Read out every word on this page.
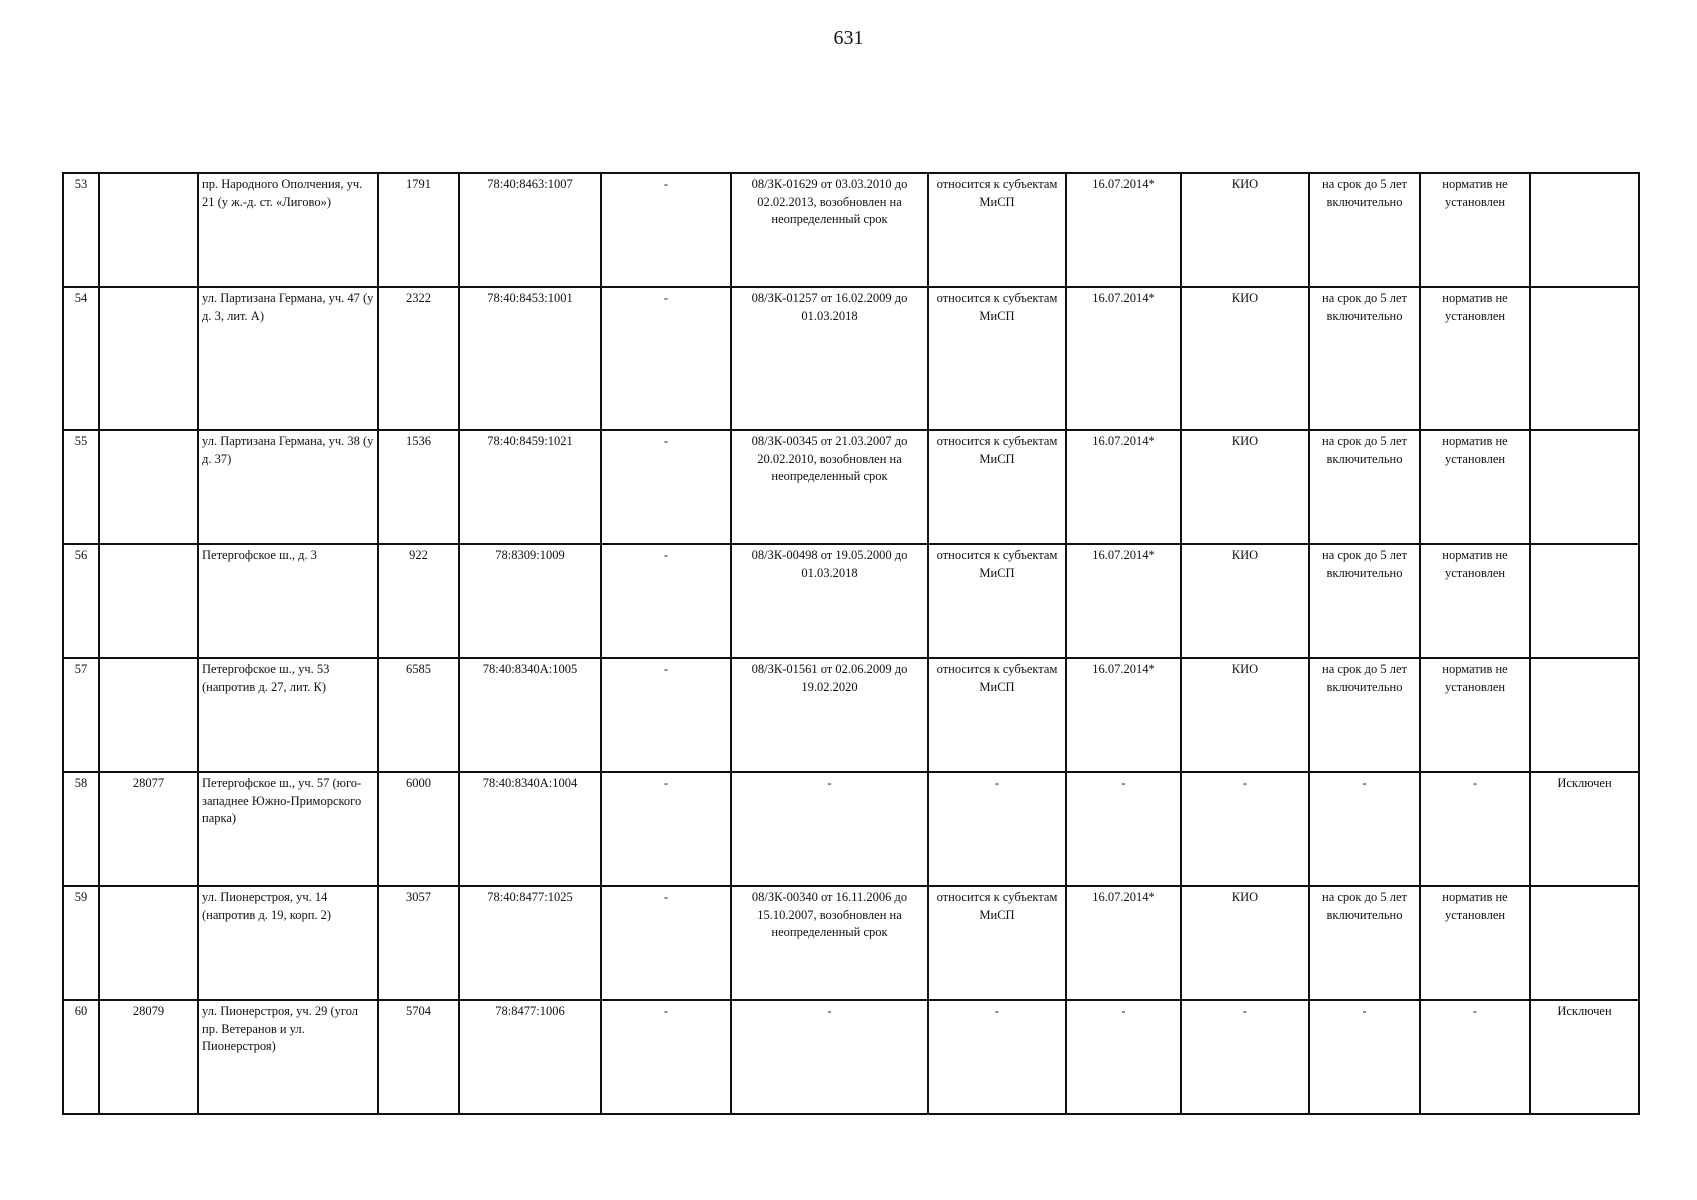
631
53		пр. Народного Ополчения, уч. 21 (у ж.-д. ст. «Лигово»)	1791	78:40:8463:1007	-	08/ЗК-01629 от 03.03.2010 до 02.02.2013, возобновлен на неопределенный срок	относится к субъектам МиСП	16.07.2014*	КИО	на срок до 5 лет включительно	норматив не установлен	
54		ул. Партизана Германа, уч. 47 (у д. 3, лит. А)	2322	78:40:8453:1001	-	08/ЗК-01257 от 16.02.2009 до 01.03.2018	относится к субъектам МиСП	16.07.2014*	КИО	на срок до 5 лет включительно	норматив не установлен	
55		ул. Партизана Германа, уч. 38 (у д. 37)	1536	78:40:8459:1021	-	08/ЗК-00345 от 21.03.2007 до 20.02.2010, возобновлен на неопределенный срок	относится к субъектам МиСП	16.07.2014*	КИО	на срок до 5 лет включительно	норматив не установлен	
56		Петергофское ш., д. 3	922	78:8309:1009	-	08/ЗК-00498 от 19.05.2000 до 01.03.2018	относится к субъектам МиСП	16.07.2014*	КИО	на срок до 5 лет включительно	норматив не установлен	
57		Петергофское ш., уч. 53 (напротив д. 27, лит. К)	6585	78:40:8340А:1005	-	08/ЗК-01561 от 02.06.2009 до 19.02.2020	относится к субъектам МиСП	16.07.2014*	КИО	на срок до 5 лет включительно	норматив не установлен	
58	28077	Петергофское ш., уч. 57 (юго-западнее Южно-Приморского парка)	6000	78:40:8340А:1004	-	-	-	-	-	-	-	Исключен
59		ул. Пионерстроя, уч. 14 (напротив д. 19, корп. 2)	3057	78:40:8477:1025	-	08/ЗК-00340 от 16.11.2006 до 15.10.2007, возобновлен на неопределенный срок	относится к субъектам МиСП	16.07.2014*	КИО	на срок до 5 лет включительно	норматив не установлен	
60	28079	ул. Пионерстроя, уч. 29 (угол пр. Ветеранов и ул. Пионерстроя)	5704	78:8477:1006	-	-	-	-	-	-	-	Исключен
